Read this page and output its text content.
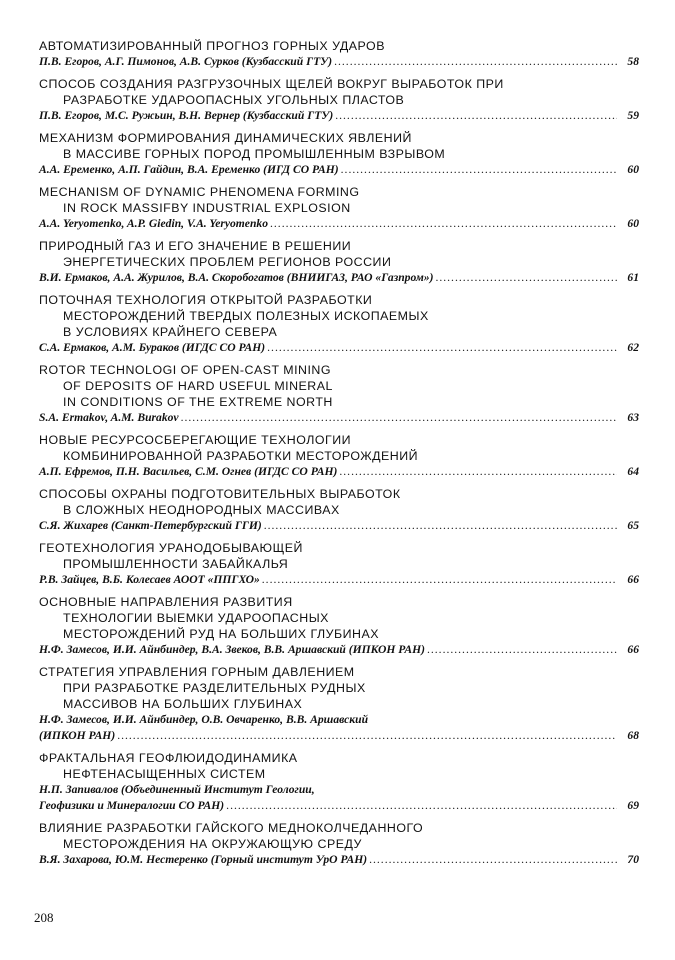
АВТОМАТИЗИРОВАННЫЙ ПРОГНОЗ ГОРНЫХ УДАРОВ
П.В. Егоров, А.Г. Пимонов, А.В. Сурков (Кузбасский ГТУ) .....	58
СПОСОБ СОЗДАНИЯ РАЗГРУЗОЧНЫХ ЩЕЛЕЙ ВОКРУГ ВЫРАБОТОК ПРИ
РАЗРАБОТКЕ УДАРООПАСНЫХ УГОЛЬНЫХ ПЛАСТОВ
П.В. Егоров, М.С. Ружьин, В.Н. Вернер (Кузбасский ГТУ) .....	59
МЕХАНИЗМ ФОРМИРОВАНИЯ ДИНАМИЧЕСКИХ ЯВЛЕНИЙ
В МАССИВЕ ГОРНЫХ ПОРОД ПРОМЫШЛЕННЫМ ВЗРЫВОМ
А.А. Еременко, А.П. Гайдин, В.А. Еременко (ИГД СО РАН) .....	60
MECHANISM OF DYNAMIC PHENOMENA FORMING
IN ROCK MASSIFBY INDUSTRIAL EXPLOSION
A.A. Yeryomenko, A.P. Giedin, V.A. Yeryomenko .....	60
ПРИРОДНЫЙ ГАЗ И ЕГО ЗНАЧЕНИЕ В РЕШЕНИИ
ЭНЕРГЕТИЧЕСКИХ ПРОБЛЕМ РЕГИОНОВ РОССИИ
В.И. Ермаков, А.А. Журилов, В.А. Скоробогатов (ВНИИГАЗ, РАО «Газпром») .....	61
ПОТОЧНАЯ ТЕХНОЛОГИЯ ОТКРЫТОЙ РАЗРАБОТКИ
МЕСТОРОЖДЕНИЙ ТВЕРДЫХ ПОЛЕЗНЫХ ИСКОПАЕМЫХ
В УСЛОВИЯХ КРАЙНЕГО СЕВЕРА
С.А. Ермаков, А.М. Бураков (ИГДС СО РАН) .....	62
ROTOR TECHNOLOGI OF OPEN-CAST MINING
OF DEPOSITS OF HARD USEFUL MINERAL
IN CONDITIONS OF THE EXTREME NORTH
S.A. Ermakov, A.M. Burakov .....	63
НОВЫЕ РЕСУРСОСБЕРЕГАЮЩИЕ ТЕХНОЛОГИИ
КОМБИНИРОВАННОЙ РАЗРАБОТКИ МЕСТОРОЖДЕНИЙ
А.П. Ефремов, П.Н. Васильев, С.М. Огнев (ИГДС СО РАН) .....	64
СПОСОБЫ ОХРАНЫ ПОДГОТОВИТЕЛЬНЫХ ВЫРАБОТОК
В СЛОЖНЫХ НЕОДНОРОДНЫХ МАССИВАХ
С.Я. Жихарев (Санкт-Петербургский ГГИ) .....	65
ГЕОТЕХНОЛОГИЯ УРАНОДОБЫВАЮЩЕЙ
ПРОМЫШЛЕННОСТИ ЗАБАЙКАЛЬЯ
Р.В. Зайцев, В.Б. Колесаев АООТ «ППГХО» .....	66
ОСНОВНЫЕ НАПРАВЛЕНИЯ РАЗВИТИЯ
ТЕХНОЛОГИИ ВЫЕМКИ УДАРООПАСНЫХ
МЕСТОРОЖДЕНИЙ РУД НА БОЛЬШИХ ГЛУБИНАХ
Н.Ф. Замесов, И.И. Айнбиндер, В.А. Звеков, В.В. Аршавский (ИПКОН РАН) .....	66
СТРАТЕГИЯ УПРАВЛЕНИЯ ГОРНЫМ ДАВЛЕНИЕМ
ПРИ РАЗРАБОТКЕ РАЗДЕЛИТЕЛЬНЫХ РУДНЫХ
МАССИВОВ НА БОЛЬШИХ ГЛУБИНАХ
Н.Ф. Замесов, И.И. Айнбиндер, О.В. Овчаренко, В.В. Аршавский
(ИПКОН РАН) .....	68
ФРАКТАЛЬНАЯ ГЕОФЛЮИДОДИНАМИКА
НЕФТЕНАСЫЩЕННЫХ СИСТЕМ
Н.П. Запивалов (Объединенный Институт Геологии,
Геофизики и Минералогии СО РАН) .....	69
ВЛИЯНИЕ РАЗРАБОТКИ ГАЙСКОГО МЕДНОКОЛЧЕДАННОГО
МЕСТОРОЖДЕНИЯ НА ОКРУЖАЮЩУЮ СРЕДУ
В.Я. Захарова, Ю.М. Нестеренко (Горный институт УрО РАН) .....	70
208
